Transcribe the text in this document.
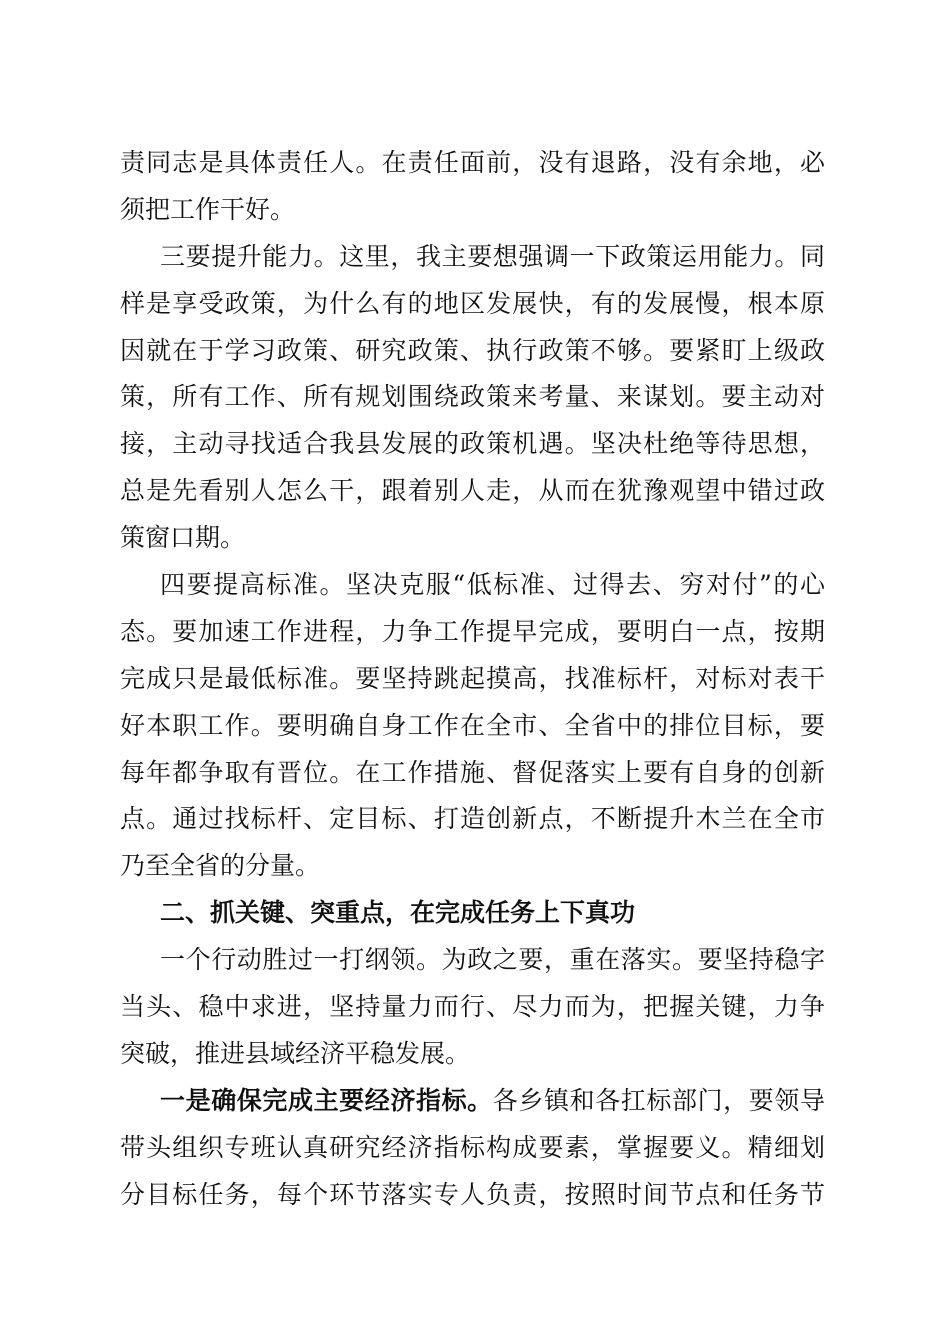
责同志是具体责任人。在责任面前，没有退路，没有余地，必
须把工作干好。
三要提升能力。这里，我主要想强调一下政策运用能力。同
样是享受政策，为什么有的地区发展快，有的发展慢，根本原
因就在于学习政策、研究政策、执行政策不够。要紧盯上级政
策，所有工作、所有规划围绕政策来考量、来谋划。要主动对
接，主动寻找适合我县发展的政策机遇。坚决杜绝等待思想，
总是先看别人怎么干，跟着别人走，从而在犹豫观望中错过政
策窗口期。
四要提高标准。坚决克服“低标准、过得去、穷对付”的心
态。要加速工作进程，力争工作提早完成，要明白一点，按期
完成只是最低标准。要坚持跳起摸高，找准标杆，对标对表干
好本职工作。要明确自身工作在全市、全省中的排位目标，要
每年都争取有晋位。在工作措施、督促落实上要有自身的创新
点。通过找标杆、定目标、打造创新点，不断提升木兰在全市
乃至全省的分量。
二、抓关键、突重点，在完成任务上下真功
一个行动胜过一打纲领。为政之要，重在落实。要坚持稳字
当头、稳中求进，坚持量力而行、尽力而为，把握关键，力争
突破，推进县域经济平稳发展。
一是确保完成主要经济指标。各乡镇和各扛标部门，要领导
带头组织专班认真研究经济指标构成要素，掌握要义。精细划
分目标任务，每个环节落实专人负责，按照时间节点和任务节
